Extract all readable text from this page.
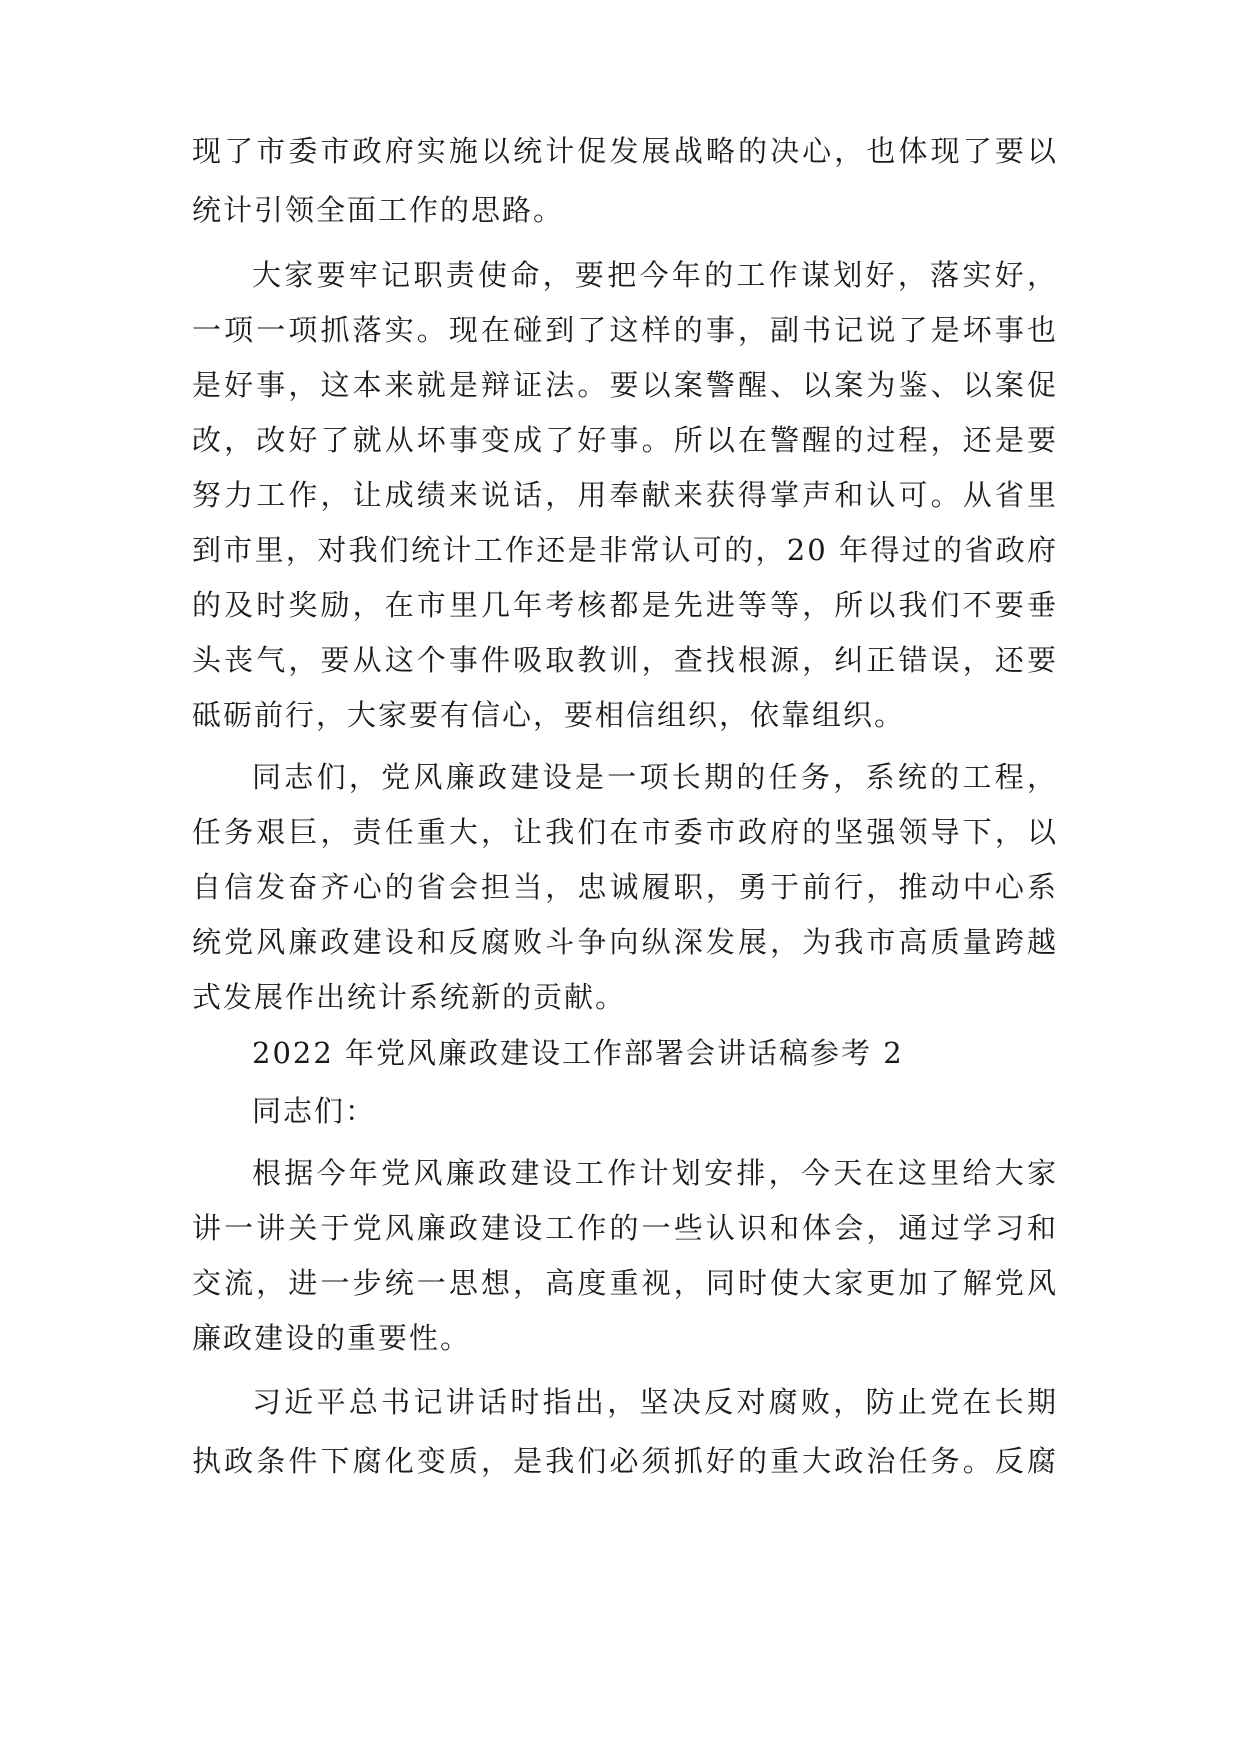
现了市委市政府实施以统计促发展战略的决心，也体现了要以
统计引领全面工作的思路。
大家要牢记职责使命，要把今年的工作谋划好，落实好，
一项一项抓落实。现在碰到了这样的事，副书记说了是坏事也
是好事，这本来就是辩证法。要以案警醒、以案为鉴、以案促
改，改好了就从坏事变成了好事。所以在警醒的过程，还是要
努力工作，让成绩来说话，用奉献来获得掌声和认可。从省里
到市里，对我们统计工作还是非常认可的，20 年得过的省政府
的及时奖励，在市里几年考核都是先进等等，所以我们不要垂
头丧气，要从这个事件吸取教训，查找根源，纠正错误，还要
砥砺前行，大家要有信心，要相信组织，依靠组织。
同志们，党风廉政建设是一项长期的任务，系统的工程，
任务艰巨，责任重大，让我们在市委市政府的坚强领导下，以
自信发奋齐心的省会担当，忠诚履职，勇于前行，推动中心系
统党风廉政建设和反腐败斗争向纵深发展，为我市高质量跨越
式发展作出统计系统新的贡献。
2022 年党风廉政建设工作部署会讲话稿参考 2
同志们：
根据今年党风廉政建设工作计划安排，今天在这里给大家
讲一讲关于党风廉政建设工作的一些认识和体会，通过学习和
交流，进一步统一思想，高度重视，同时使大家更加了解党风
廉政建设的重要性。
习近平总书记讲话时指出，坚决反对腐败，防止党在长期
执政条件下腐化变质，是我们必须抓好的重大政治任务。反腐
